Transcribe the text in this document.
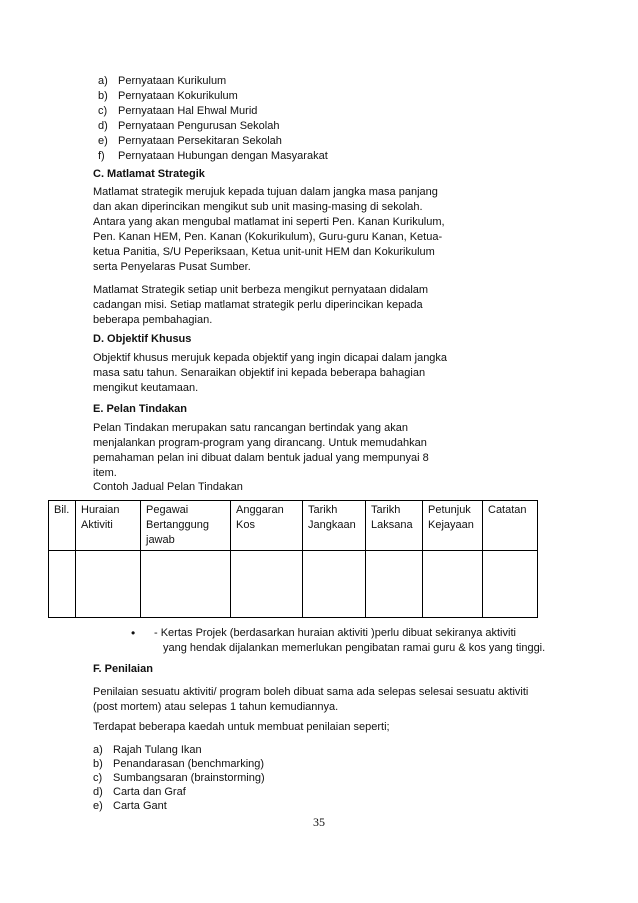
a) Pernyataan Kurikulum
b) Pernyataan Kokurikulum
c) Pernyataan Hal Ehwal Murid
d) Pernyataan Pengurusan Sekolah
e) Pernyataan Persekitaran Sekolah
f) Pernyataan Hubungan dengan Masyarakat
C. Matlamat Strategik
Matlamat strategik merujuk kepada tujuan dalam jangka masa panjang
dan akan diperincikan mengikut sub unit masing-masing di sekolah.
Antara yang akan mengubal matlamat ini seperti Pen. Kanan Kurikulum,
Pen. Kanan HEM, Pen. Kanan (Kokurikulum), Guru-guru Kanan, Ketua-
ketua Panitia, S/U Peperiksaan, Ketua unit-unit HEM dan Kokurikulum
serta Penyelaras Pusat Sumber.
Matlamat Strategik setiap unit berbeza mengikut pernyataan didalam
cadangan misi. Setiap matlamat strategik perlu diperincikan kepada
beberapa pembahagian.
D. Objektif Khusus
Objektif khusus merujuk kepada objektif yang ingin dicapai dalam jangka
masa satu tahun. Senaraikan objektif ini kepada beberapa bahagian
mengikut keutamaan.
E. Pelan Tindakan
Pelan Tindakan merupakan satu rancangan bertindak yang akan
menjalankan program-program yang dirancang. Untuk memudahkan
pemahaman pelan ini dibuat dalam bentuk jadual yang mempunyai 8
item.
Contoh Jadual Pelan Tindakan
Bil.	Huraian Aktiviti	Pegawai Bertanggung jawab	Anggaran Kos	Tarikh Jangkaan	Tarikh Laksana	Petunjuk Kejayaan	Catatan

• - Kertas Projek (berdasarkan huraian aktiviti )perlu dibuat sekiranya aktiviti
yang hendak dijalankan memerlukan pengibatan ramai guru & kos yang tinggi.
F. Penilaian
Penilaian sesuatu aktiviti/ program boleh dibuat sama ada selepas selesai sesuatu aktiviti
(post mortem) atau selepas 1 tahun kemudiannya.
Terdapat beberapa kaedah untuk membuat penilaian seperti;
a) Rajah Tulang Ikan
b) Penandarasan (benchmarking)
c) Sumbangsaran (brainstorming)
d) Carta dan Graf
e) Carta Gant
35
